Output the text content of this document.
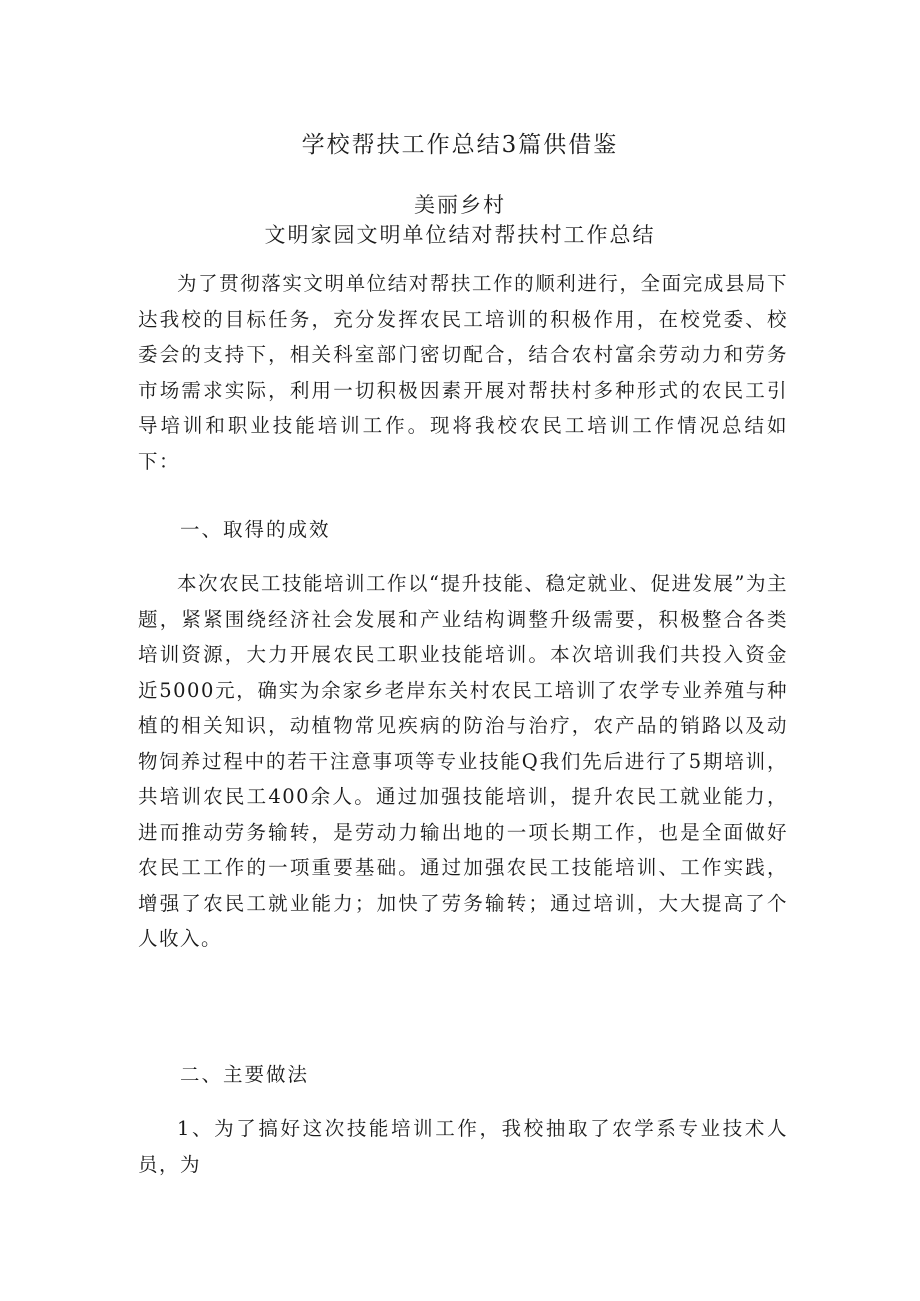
学校帮扶工作总结3篇供借鉴
美丽乡村
文明家园文明单位结对帮扶村工作总结

为了贯彻落实文明单位结对帮扶工作的顺利进行，全面完成县局下达我校的目标任务，充分发挥农民工培训的积极作用，在校党委、校委会的支持下，相关科室部门密切配合，结合农村富余劳动力和劳务市场需求实际，利用一切积极因素开展对帮扶村多种形式的农民工引导培训和职业技能培训工作。现将我校农民工培训工作情况总结如下：

一、取得的成效

本次农民工技能培训工作以“提升技能、稳定就业、促进发展”为主题，紧紧围绕经济社会发展和产业结构调整升级需要，积极整合各类培训资源，大力开展农民工职业技能培训。本次培训我们共投入资金近5000元，确实为余家乡老岸东关村农民工培训了农学专业养殖与种植的相关知识，动植物常见疾病的防治与治疗，农产品的销路以及动物饲养过程中的若干注意事项等专业技能Q我们先后进行了5期培训，共培训农民工400余人。通过加强技能培训，提升农民工就业能力，进而推动劳务输转，是劳动力输出地的一项长期工作，也是全面做好农民工工作的一项重要基础。通过加强农民工技能培训、工作实践，增强了农民工就业能力；加快了劳务输转；通过培训，大大提高了个人收入。

二、主要做法

1、为了搞好这次技能培训工作，我校抽取了农学系专业技术人员，为
